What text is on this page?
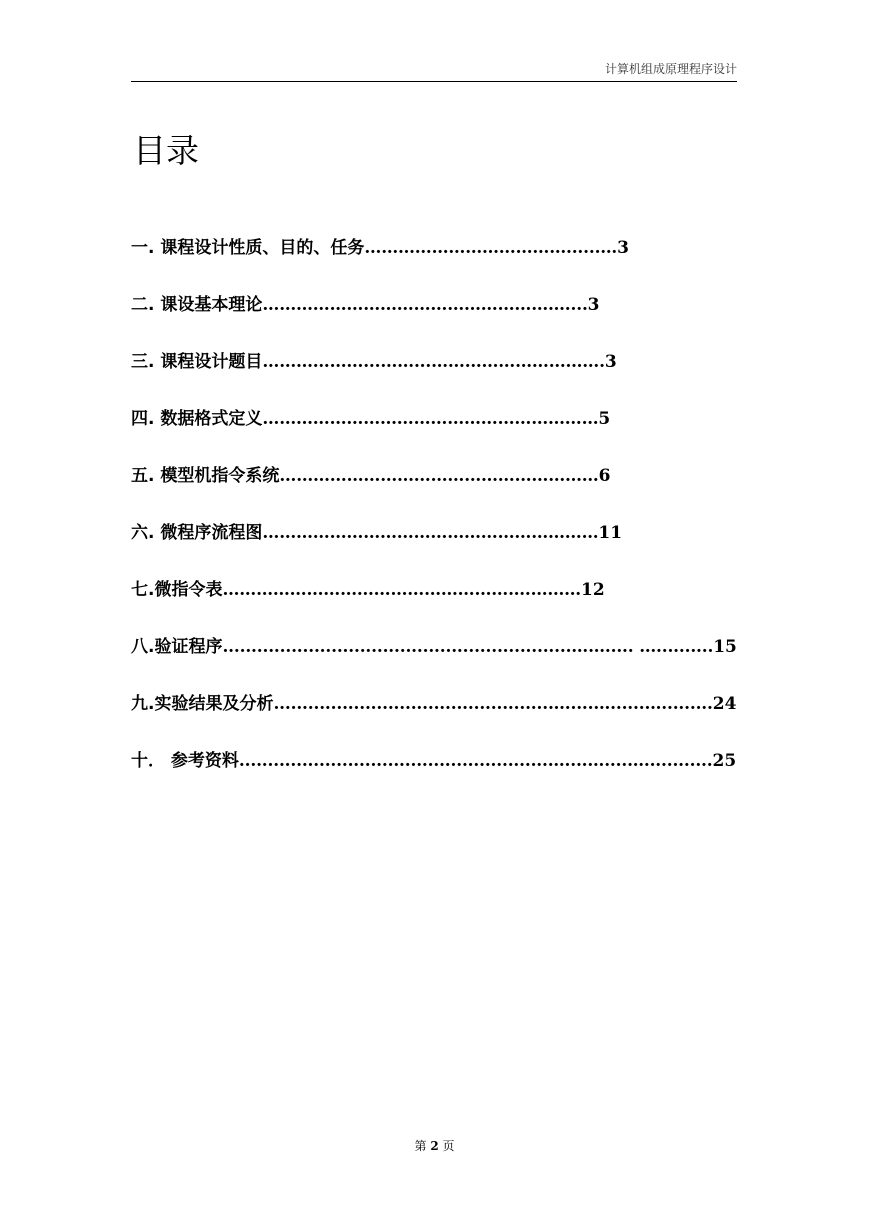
计算机组成原理程序设计
目录
一. 课程设计性质、目的、任务………………………………......…3
二. 课设基本理论………………………………………………....3
三. 课程设计题目………………...……...………………………….3
四. 数据格式定义……………………………………………………5
五. 模型机指令系统…………………………………………………6
六. 微程序流程图……………………………………………………11
七.微指令表……………………………………………….………12
八.验证程序.............................................................……..... …..........15
九.实验结果及分析................................................….....…......….........24
十． 参考资料......................................................…....…....…............25
第 2 页
